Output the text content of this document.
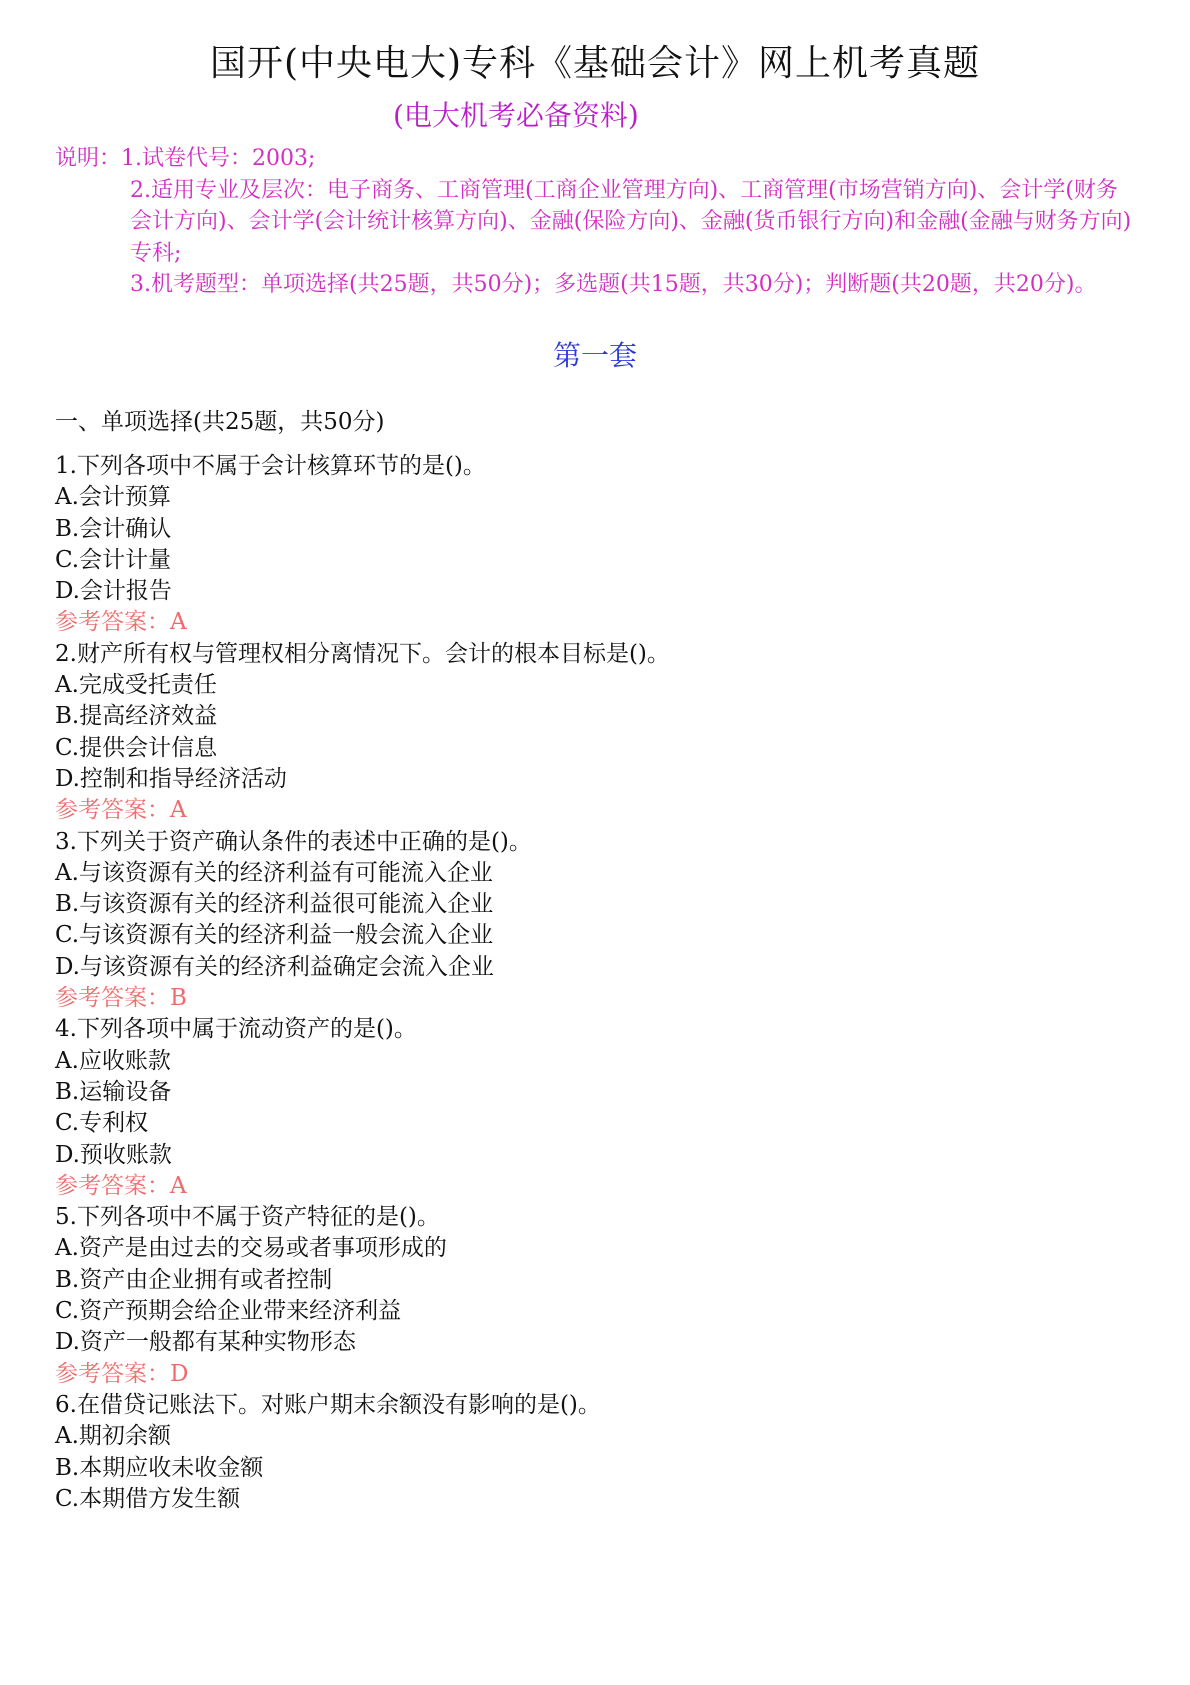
国开(中央电大)专科《基础会计》网上机考真题
(电大机考必备资料)

说明：1.试卷代号：2003;

2.适用专业及层次：电子商务、工商管理(工商企业管理方向)、工商管理(市场营销方向)、会计学(财务会计方向)、会计学(会计统计核算方向)、金融(保险方向)、金融(货币银行方向)和金融(金融与财务方向)专科;

3.机考题型：单项选择(共25题，共50分)；多选题(共15题，共30分)；判断题(共20题，共20分)。

第一套
一、单项选择(共25题，共50分)
1.下列各项中不属于会计核算环节的是()。
A.会计预算
B.会计确认
C.会计计量
D.会计报告
参考答案：A
2.财产所有权与管理权相分离情况下。会计的根本目标是()。
A.完成受托责任
B.提高经济效益
C.提供会计信息
D.控制和指导经济活动
参考答案：A
3.下列关于资产确认条件的表述中正确的是()。
A.与该资源有关的经济利益有可能流入企业
B.与该资源有关的经济利益很可能流入企业
C.与该资源有关的经济利益一般会流入企业
D.与该资源有关的经济利益确定会流入企业
参考答案：B
4.下列各项中属于流动资产的是()。
A.应收账款
B.运输设备
C.专利权
D.预收账款
参考答案：A
5.下列各项中不属于资产特征的是()。
A.资产是由过去的交易或者事项形成的
B.资产由企业拥有或者控制
C.资产预期会给企业带来经济利益
D.资产一般都有某种实物形态
参考答案：D
6.在借贷记账法下。对账户期末余额没有影响的是()。
A.期初余额
B.本期应收未收金额
C.本期借方发生额
